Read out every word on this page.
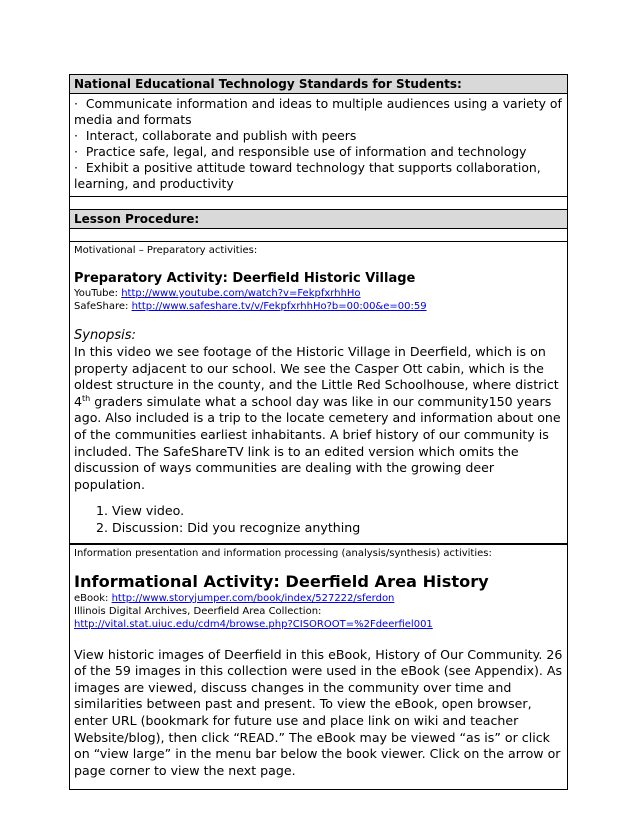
National Educational Technology Standards for Students:
· Communicate information and ideas to multiple audiences using a variety of media and formats
· Interact, collaborate and publish with peers
· Practice safe, legal, and responsible use of information and technology
· Exhibit a positive attitude toward technology that supports collaboration, learning, and productivity
Lesson Procedure:
Motivational – Preparatory activities:
Preparatory Activity: Deerfield Historic Village
YouTube: http://www.youtube.com/watch?v=FekpfxrhhHo
SafeShare: http://www.safeshare.tv/v/FekpfxrhhHo?b=00:00&e=00:59
Synopsis:

In this video we see footage of the Historic Village in Deerfield, which is on property adjacent to our school. We see the Casper Ott cabin, which is the oldest structure in the county, and the Little Red Schoolhouse, where district 4th graders simulate what a school day was like in our community150 years ago. Also included is a trip to the locate cemetery and information about one of the communities earliest inhabitants. A brief history of our community is included. The SafeShareTV link is to an edited version which omits the discussion of ways communities are dealing with the growing deer population.

1. View video.
2. Discussion: Did you recognize anything
Information presentation and information processing (analysis/synthesis) activities:
Informational Activity: Deerfield Area History
eBook: http://www.storyjumper.com/book/index/527222/sferdon
Illinois Digital Archives, Deerfield Area Collection:
http://vital.stat.uiuc.edu/cdm4/browse.php?CISOROOT=%2Fdeerfiel001

View historic images of Deerfield in this eBook, History of Our Community. 26 of the 59 images in this collection were used in the eBook (see Appendix). As images are viewed, discuss changes in the community over time and similarities between past and present. To view the eBook, open browser, enter URL (bookmark for future use and place link on wiki and teacher Website/blog), then click “READ.” The eBook may be viewed “as is” or click on “view large” in the menu bar below the book viewer. Click on the arrow or page corner to view the next page.
